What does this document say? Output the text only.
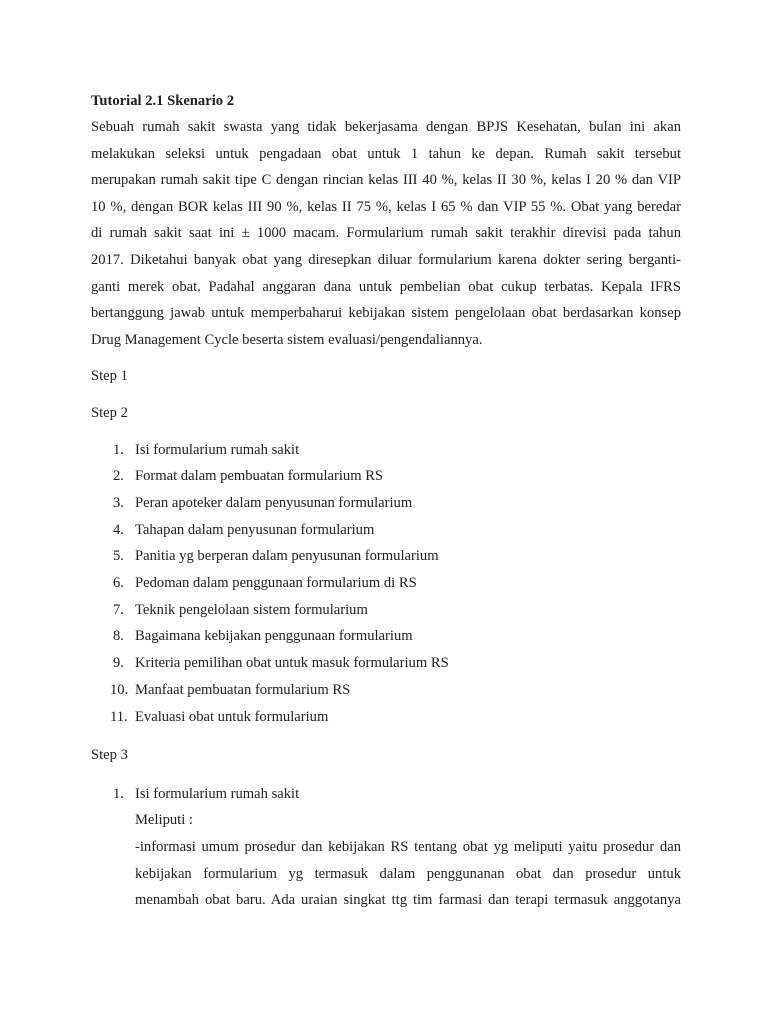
Tutorial 2.1 Skenario 2

Sebuah rumah sakit swasta yang tidak bekerjasama dengan BPJS Kesehatan, bulan ini akan
melakukan seleksi untuk pengadaan obat untuk 1 tahun ke depan. Rumah sakit tersebut
merupakan rumah sakit tipe C dengan rincian kelas III 40 %, kelas II 30 %, kelas I 20 % dan VIP
10 %, dengan BOR kelas III 90 %, kelas II 75 %, kelas I 65 % dan VIP 55 %. Obat yang beredar
di rumah sakit saat ini ± 1000 macam. Formularium rumah sakit terakhir direvisi pada tahun
2017. Diketahui banyak obat yang diresepkan diluar formularium karena dokter sering berganti-
ganti merek obat. Padahal anggaran dana untuk pembelian obat cukup terbatas. Kepala IFRS
bertanggung jawab untuk memperbaharui kebijakan sistem pengelolaan obat berdasarkan konsep
Drug Management Cycle beserta sistem evaluasi/pengendaliannya.

Step 1

Step 2

1. Isi formularium rumah sakit
2. Format dalam pembuatan formularium RS
3. Peran apoteker dalam penyusunan formularium
4. Tahapan dalam penyusunan formularium
5. Panitia yg berperan dalam penyusunan formularium
6. Pedoman dalam penggunaan formularium di RS
7. Teknik pengelolaan sistem formularium
8. Bagaimana kebijakan penggunaan formularium
9. Kriteria pemilihan obat untuk masuk formularium RS
10. Manfaat pembuatan formularium RS
11. Evaluasi obat untuk formularium

Step 3

1. Isi formularium rumah sakit
Meliputi :
-informasi umum prosedur dan kebijakan RS tentang obat yg meliputi yaitu prosedur dan
kebijakan formularium yg termasuk dalam penggunanan obat dan prosedur untuk
menambah obat baru. Ada uraian singkat ttg tim farmasi dan terapi termasuk anggotanya
